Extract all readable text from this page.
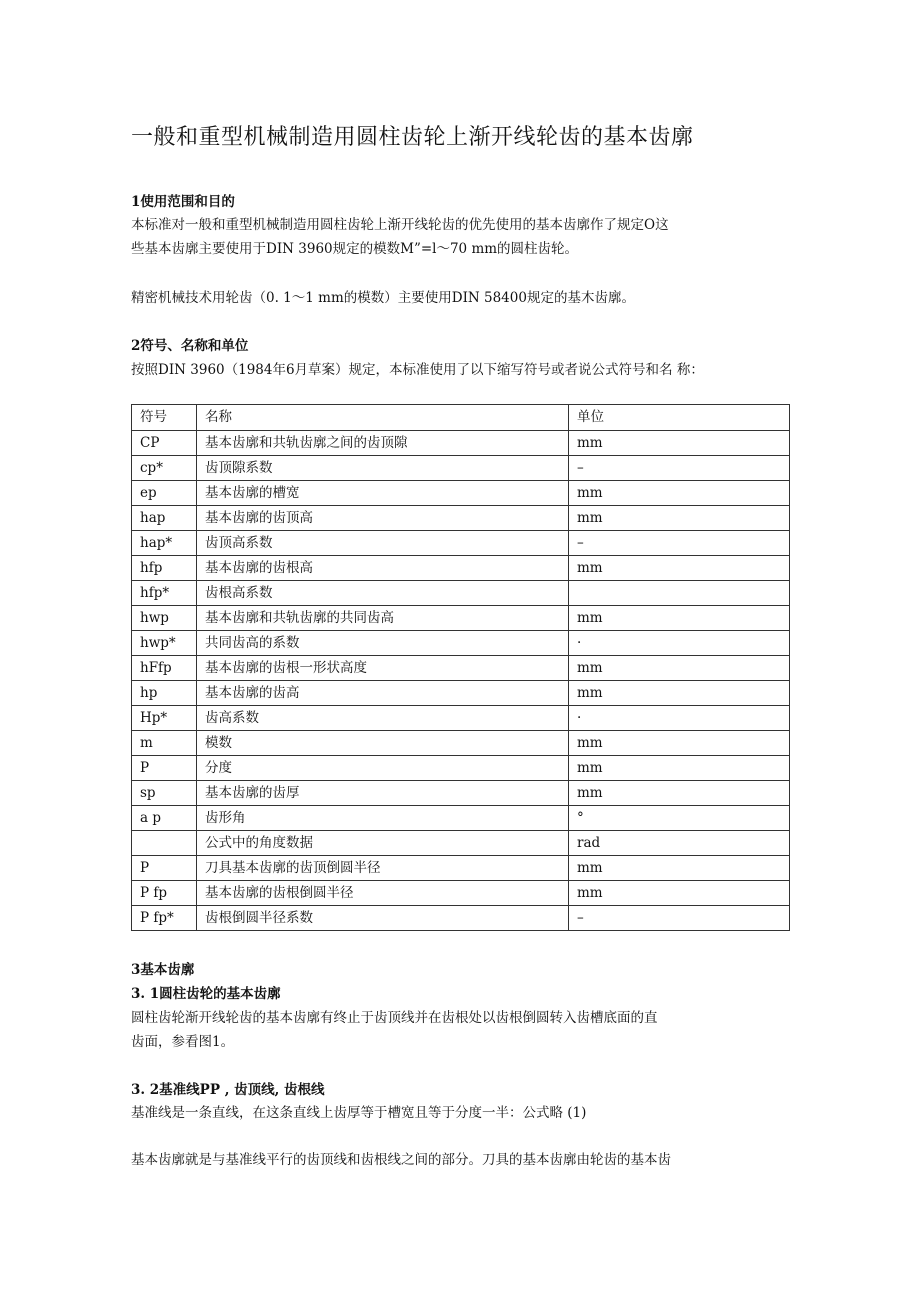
一般和重型机械制造用圆柱齿轮上渐开线轮齿的基本齿廓
1使用范围和目的
本标准对一般和重型机械制造用圆柱齿轮上渐开线轮齿的优先使用的基本齿廓作了规定O这
些基本齿廓主要使用于DIN 3960规定的模数M”=l〜70 mm的圆柱齿轮。
精密机械技术用轮齿（0. 1〜1 mm的模数）主要使用DIN 58400规定的基木齿廓。
2符号、名称和单位
按照DIN 3960（1984年6月草案）规定，本标准使用了以下缩写符号或者说公式符号和名 称：
符号	名称	单位
CP	基本齿廓和共轨齿廓之间的齿顶隙	mm
cp*	齿顶隙系数	–
ep	基本齿廓的槽宽	mm
hap	基本齿廓的齿顶高	mm
hap*	齿顶高系数	–
hfp	基本齿廓的齿根高	mm
hfp*	齿根高系数	
hwp	基本齿廓和共轨齿廓的共同齿高	mm
hwp*	共同齿高的系数	·
hFfp	基本齿廓的齿根一形状高度	mm
hp	基本齿廓的齿高	mm
Hp*	齿高系数	·
m	模数	mm
P	分度	mm
sp	基本齿廓的齿厚	mm
a p	齿形角	°
	公式中的角度数据	rad
P	刀具基本齿廓的齿顶倒圆半径	mm
P fp	基本齿廓的齿根倒圆半径	mm
P fp*	齿根倒圆半径系数	–
3基本齿廓
3. 1圆柱齿轮的基本齿廓
圆柱齿轮渐开线轮齿的基本齿廓有终止于齿顶线并在齿根处以齿根倒圆转入齿槽底面的直
齿面，参看图1。
3. 2基准线PP , 齿顶线, 齿根线
基准线是一条直线，在这条直线上齿厚等于槽宽且等于分度一半：公式略 (1)
基本齿廓就是与基准线平行的齿顶线和齿根线之间的部分。刀具的基本齿廓由轮齿的基本齿
